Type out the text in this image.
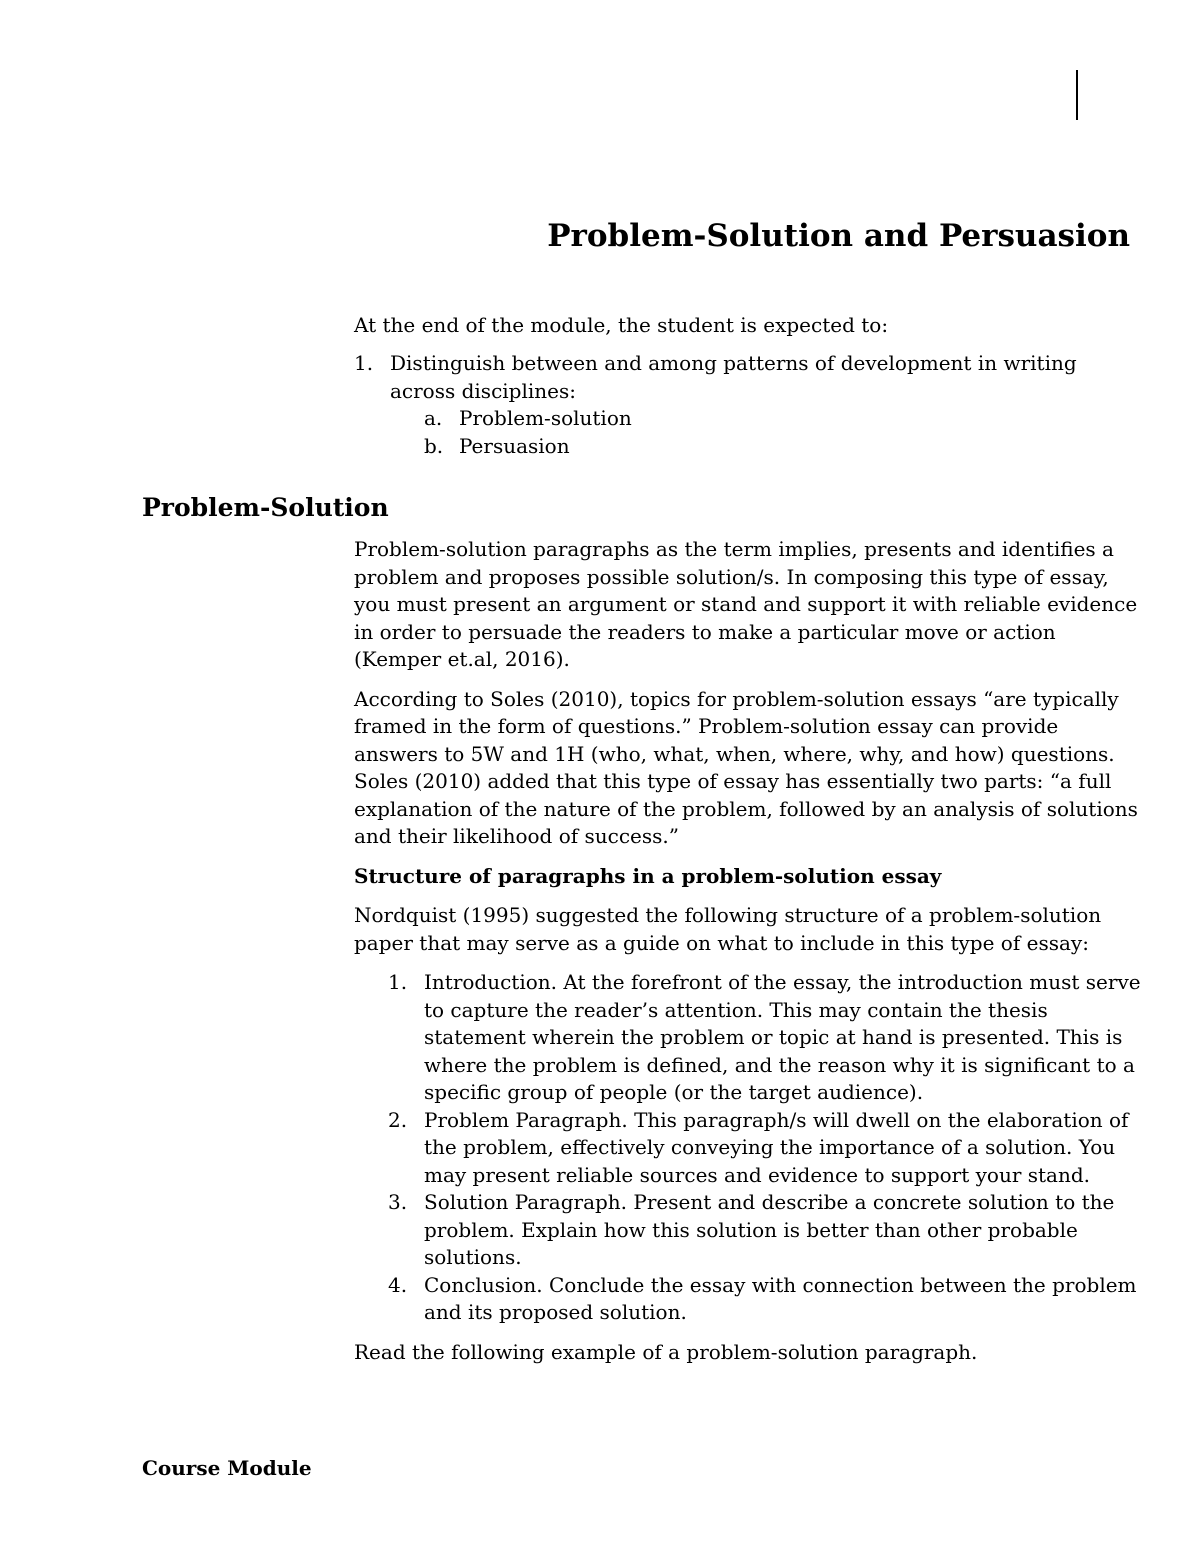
Problem-Solution and Persuasion
At the end of the module, the student is expected to:
1. Distinguish between and among patterns of development in writing across disciplines:
a. Problem-solution
b. Persuasion
Problem-Solution

Problem-solution paragraphs as the term implies, presents and identifies a problem and proposes possible solution/s. In composing this type of essay, you must present an argument or stand and support it with reliable evidence in order to persuade the readers to make a particular move or action (Kemper et.al, 2016).

According to Soles (2010), topics for problem-solution essays “are typically framed in the form of questions.” Problem-solution essay can provide answers to 5W and 1H (who, what, when, where, why, and how) questions. Soles (2010) added that this type of essay has essentially two parts: “a full explanation of the nature of the problem, followed by an analysis of solutions and their likelihood of success.”

Structure of paragraphs in a problem-solution essay

Nordquist (1995) suggested the following structure of a problem-solution paper that may serve as a guide on what to include in this type of essay:

1. Introduction. At the forefront of the essay, the introduction must serve to capture the reader’s attention. This may contain the thesis statement wherein the problem or topic at hand is presented. This is where the problem is defined, and the reason why it is significant to a specific group of people (or the target audience).
2. Problem Paragraph. This paragraph/s will dwell on the elaboration of the problem, effectively conveying the importance of a solution. You may present reliable sources and evidence to support your stand.
3. Solution Paragraph. Present and describe a concrete solution to the problem. Explain how this solution is better than other probable solutions.
4. Conclusion. Conclude the essay with connection between the problem and its proposed solution.

Read the following example of a problem-solution paragraph.

Course Module
